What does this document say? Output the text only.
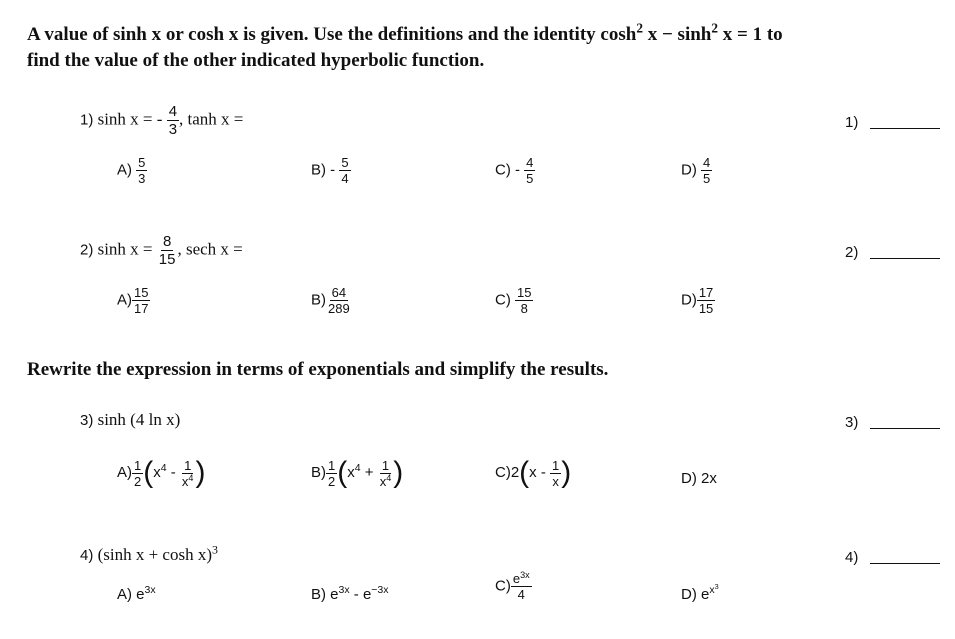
A value of sinh x or cosh x is given. Use the definitions and the identity $\cosh^2 x - \sinh^2 x = 1$ to
find the value of the other indicated hyperbolic function.
1) sinh x = - $\frac{4}{3}$ , tanh x =	1)
$A) \frac{5}{3}$	$B) - \frac{5}{4}$	$C) - \frac{4}{5}$	$D) \frac{4}{5}$
2) $\sinh x = \frac{8}{15}$ , sech x =	2)
$A) \frac{15}{17}$	$B) \frac{64}{289}$	$C) \frac{15}{8}$	$D) \frac{17}{15}$
Rewrite the expression in terms of exponentials and simplify the results.
3) sinh (4 ln x)	3)
$A) \frac{1}{2} (x^4 - \frac{1}{x^4}$ )	$B) \frac{1}{2} (x^4 + \frac{1}{x^4}$ )	$C)2(x - \frac{1}{x}$ )	D) 2x
4) (sinh x + cosh x)$^3$	4)
A) $e^{3x}$	B) $e^{3x} - e^{-3x}$	$C) \frac{e^{3x}}{4}$	D) $e^{x^3}$
